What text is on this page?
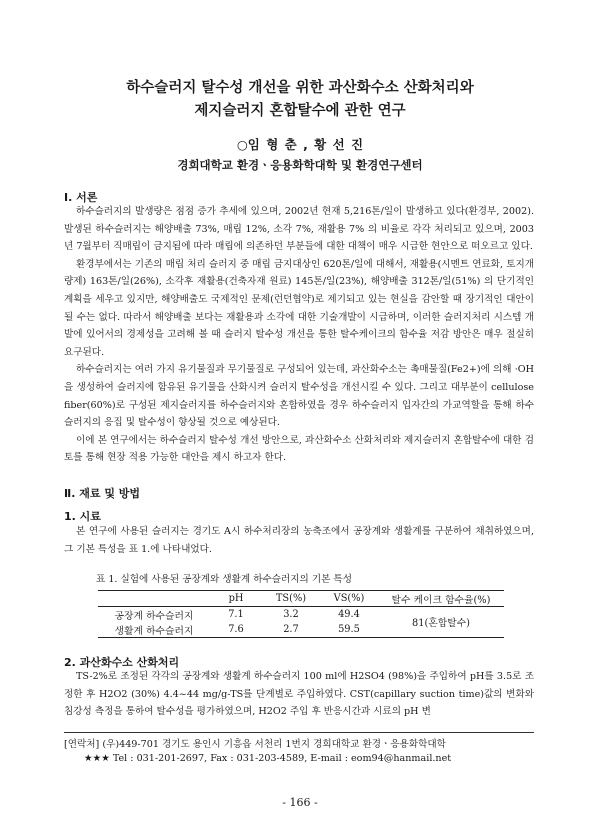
하수슬러지 탈수성 개선을 위한 과산화수소 산화처리와
제지슬러지 혼합탈수에 관한 연구
○임 형 춘 , 황 선 진
경희대학교 환경ㆍ응용화학대학 및 환경연구센터
Ⅰ. 서론

하수슬러지의 발생량은 점점 증가 추세에 있으며, 2002년 현재 5,216톤/일이 발생하고 있다(환경부, 2002). 발생된 하수슬러지는 해양배출 73%, 매립 12%, 소각 7%, 재활용 7% 의 비율로 각각 처리되고 있으며, 2003년 7월부터 직매립이 금지됨에 따라 매립에 의존하던 부분들에 대한 대책이 매우 시급한 현안으로 떠오르고 있다.

환경부에서는 기존의 매립 처리 슬러지 중 매립 금지대상인 620톤/일에 대해서, 재활용(시멘트 연료화, 토지개량제) 163톤/일(26%), 소각후 재활용(건축자재 원료) 145톤/일(23%), 해양배출 312톤/일(51%) 의 단기적인 계획을 세우고 있지만, 해양배출도 국제적인 문제(런던협약)로 제기되고 있는 현실을 감안할 때 장기적인 대안이 될 수는 없다. 따라서 해양배출 보다는 재활용과 소각에 대한 기술개발이 시급하며, 이러한 슬러지처리 시스템 개발에 있어서의 경제성을 고려해 볼 때 슬러지 탈수성 개선을 통한 탈수케이크의 함수율 저감 방안은 매우 절실히 요구된다.

하수슬러지는 여러 가지 유기물질과 무기물질로 구성되어 있는데, 과산화수소는 촉매물질(Fe2+)에 의해 ·OH을 생성하여 슬러지에 함유된 유기물을 산화시켜 슬러지 탈수성을 개선시킬 수 있다. 그리고 대부분이 cellulose fiber(60%)로 구성된 제지슬러지를 하수슬러지와 혼합하였을 경우 하수슬러지 입자간의 가교역할을 통해 하수슬러지의 응집 및 탈수성이 향상될 것으로 예상된다.

이에 본 연구에서는 하수슬러지 탈수성 개선 방안으로, 과산화수소 산화처리와 제지슬러지 혼합탈수에 대한 검토를 통해 현장 적용 가능한 대안을 제시 하고자 한다.

Ⅱ. 재료 및 방법
1. 시료

본 연구에 사용된 슬러지는 경기도 A시 하수처리장의 농축조에서 공장계와 생활계를 구분하여 채취하였으며, 그 기본 특성을 표 1.에 나타내었다.

표 1. 실험에 사용된 공장계와 생활계 하수슬러지의 기본 특성
	pH	TS(%)	VS(%)	탈수 케이크 함수율(%)
공장계 하수슬러지	7.1	3.2	49.4	81(혼합탈수)
생활계 하수슬러지	7.6	2.7	59.5	
2. 과산화수소 산화처리

TS-2%로 조정된 각각의 공장계와 생활계 하수슬러지 100 ml에 H2SO4 (98%)을 주입하여 pH를 3.5로 조정한 후 H2O2 (30%) 4.4~44 mg/g-TS를 단계별로 주입하였다. CST(capillary suction time)값의 변화와 침강성 측정을 통하여 탈수성을 평가하였으며, H2O2 주입 후 반응시간과 시료의 pH 변

[연락처] (우)449-701 경기도 용인시 기흥읍 서천리 1번지 경희대학교 환경ㆍ응용화학대학
★★★ Tel : 031-201-2697, Fax : 031-203-4589, E-mail : eom94@hanmail.net
- 166 -
